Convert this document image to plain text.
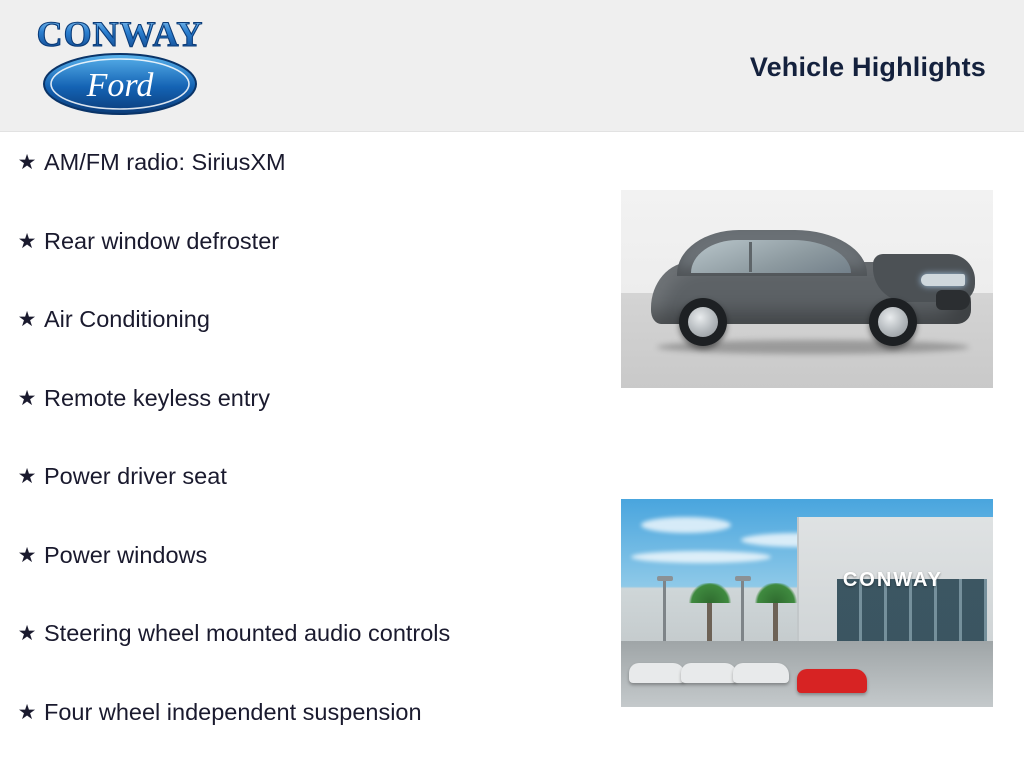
CONWAY
Ford	Vehicle Highlights
★ AM/FM radio: SiriusXM
★ Rear window defroster
★ Air Conditioning
★ Remote keyless entry
★ Power driver seat
★ Power windows
★ Steering wheel mounted audio controls
★ Four wheel independent suspension
CONWAY
